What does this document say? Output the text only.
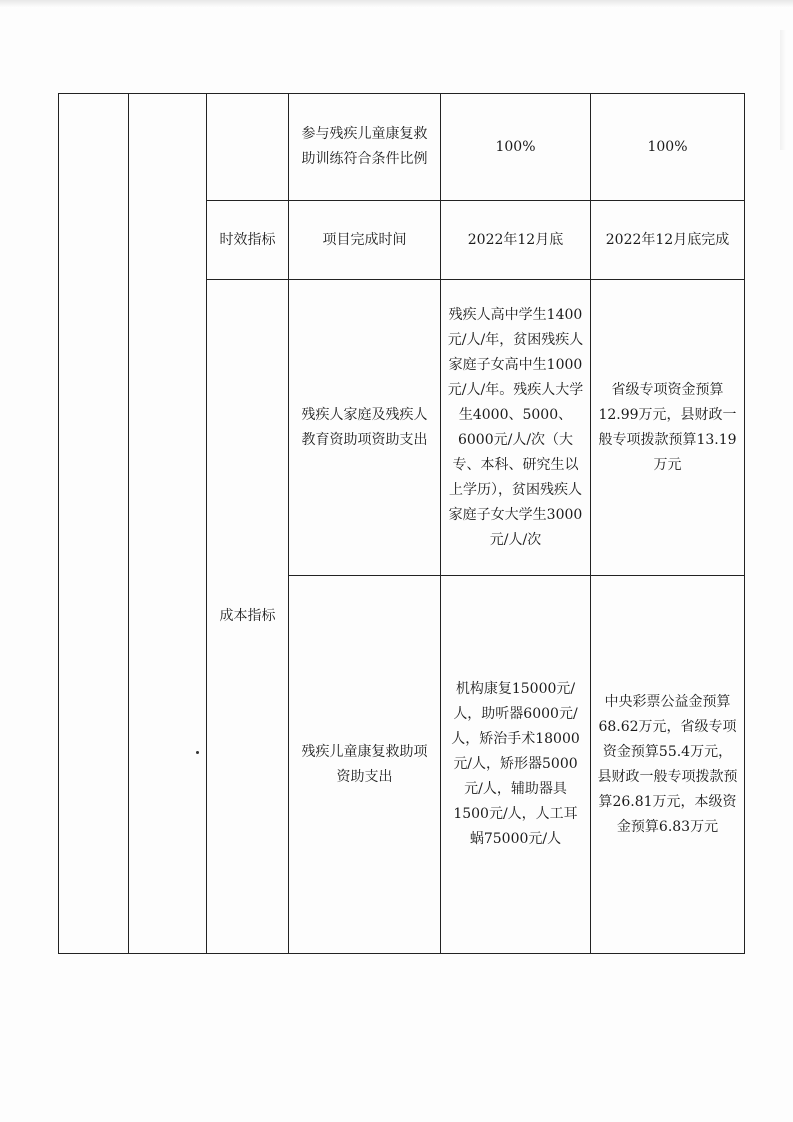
			参与残疾儿童康复救助训练符合条件比例	100%	100%
		时效指标	项目完成时间	2022年12月底	2022年12月底完成
		成本指标	残疾人家庭及残疾人教育资助项资助支出	残疾人高中学生1400元/人/年，贫困残疾人家庭子女高中生1000元/人/年。残疾人大学生4000、5000、6000元/人/次（大专、本科、研究生以上学历），贫困残疾人家庭子女大学生3000元/人/次	省级专项资金预算12.99万元，县财政一般专项拨款预算13.19万元
			残疾儿童康复救助项资助支出	机构康复15000元/人，助听器6000元/人，矫治手术18000元/人，矫形器5000元/人，辅助器具1500元/人，人工耳蜗75000元/人	中央彩票公益金预算68.62万元，省级专项资金预算55.4万元，县财政一般专项拨款预算26.81万元，本级资金预算6.83万元
